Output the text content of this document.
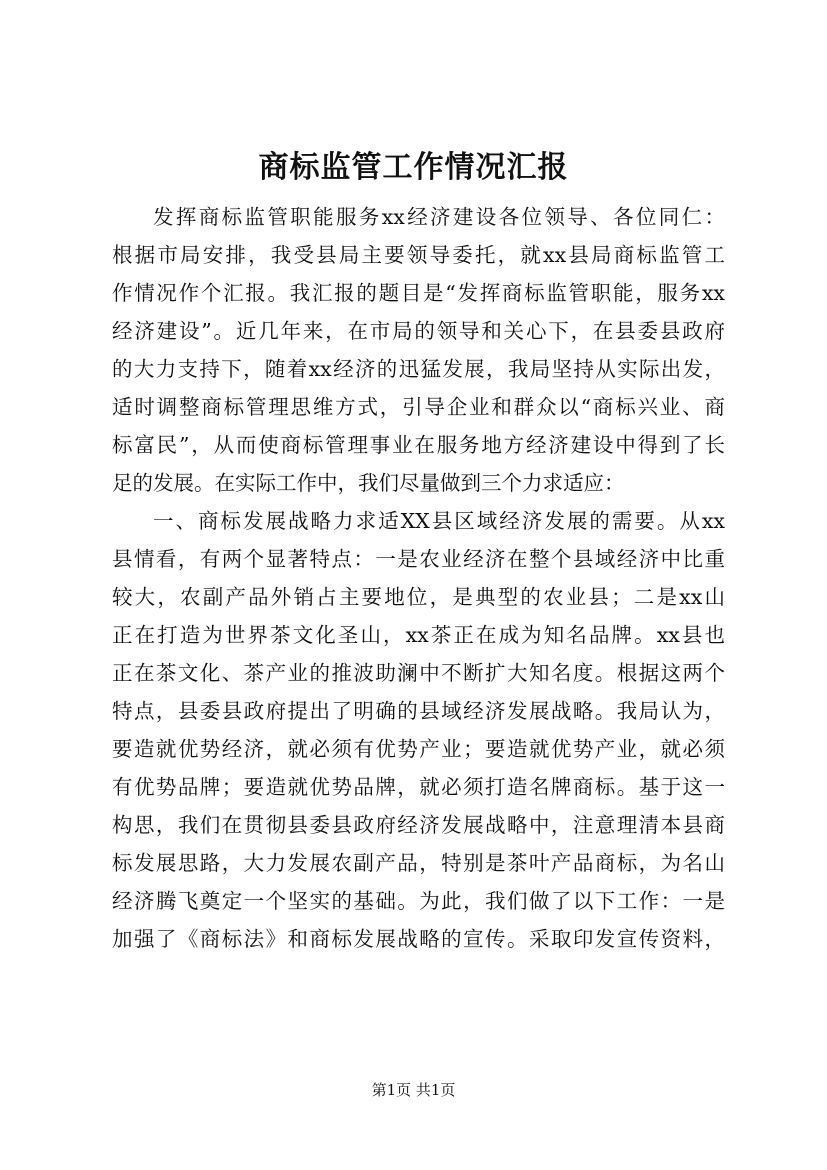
商标监管工作情况汇报
发挥商标监管职能服务xx经济建设各位领导、各位同仁：
根据市局安排，我受县局主要领导委托，就xx县局商标监管工
作情况作个汇报。我汇报的题目是“发挥商标监管职能，服务xx
经济建设”。近几年来，在市局的领导和关心下，在县委县政府
的大力支持下，随着xx经济的迅猛发展，我局坚持从实际出发，
适时调整商标管理思维方式，引导企业和群众以“商标兴业、商
标富民”，从而使商标管理事业在服务地方经济建设中得到了长
足的发展。在实际工作中，我们尽量做到三个力求适应：
一、商标发展战略力求适XX县区域经济发展的需要。从xx
县情看，有两个显著特点：一是农业经济在整个县域经济中比重
较大，农副产品外销占主要地位，是典型的农业县；二是xx山
正在打造为世界茶文化圣山，xx茶正在成为知名品牌。xx县也
正在茶文化、茶产业的推波助澜中不断扩大知名度。根据这两个
特点，县委县政府提出了明确的县域经济发展战略。我局认为，
要造就优势经济，就必须有优势产业；要造就优势产业，就必须
有优势品牌；要造就优势品牌，就必须打造名牌商标。基于这一
构思，我们在贯彻县委县政府经济发展战略中，注意理清本县商
标发展思路，大力发展农副产品，特别是茶叶产品商标，为名山
经济腾飞奠定一个坚实的基础。为此，我们做了以下工作：一是
加强了《商标法》和商标发展战略的宣传。采取印发宣传资料，
第1页 共1页
